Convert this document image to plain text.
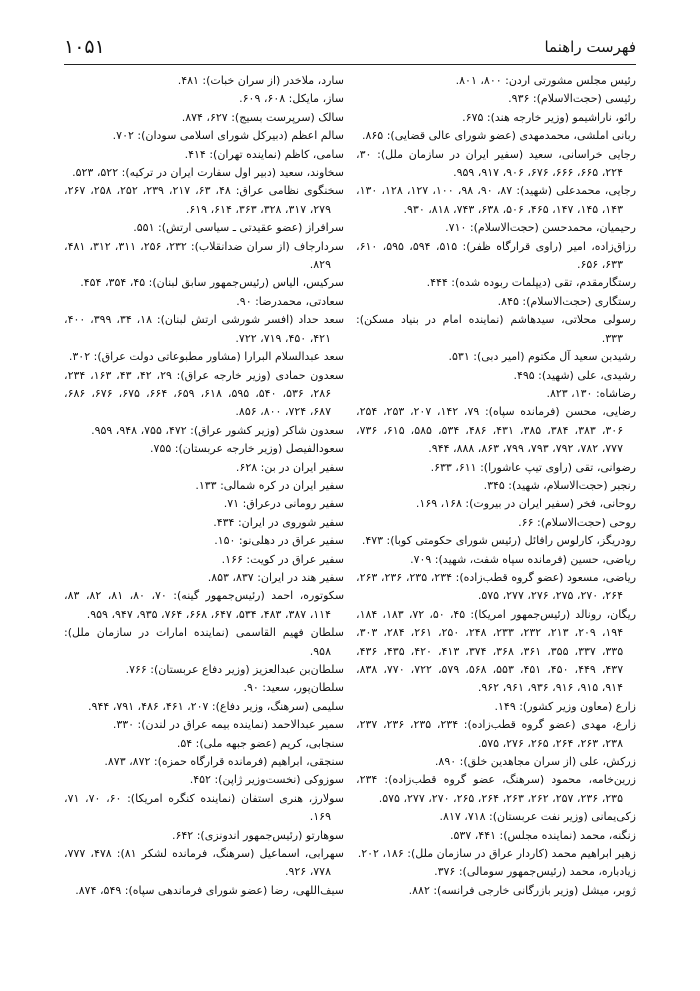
فهرست راهنما
۱۰۵۱

رئیس مجلس مشورتی اردن: ۸۰۰، ۸۰۱.

رئیسی (حجت‌الاسلام): ۹۳۶.

رائو، ناراشیمو (وزیر خارجه هند): ۶۷۵.

ربانی املشی، محمدمهدی (عضو شورای عالی قضایی): ۸۶۵.

رجایی خراسانی، سعید (سفیر ایران در سازمان ملل): ۳۰، ۲۲۴، ۶۶۵، ۶۶۶، ۶۷۶، ۹۰۶، ۹۱۷، ۹۵۹.

رجایی، محمدعلی (شهید): ۸۷، ۹۰، ۹۸، ۱۰۰، ۱۲۷، ۱۲۸، ۱۳۰، ۱۴۳، ۱۴۵، ۱۴۷، ۴۶۵، ۵۰۶، ۶۳۸، ۷۴۳، ۸۱۸، ۹۳۰.

رحیمیان، محمدحسن (حجت‌الاسلام): ۷۱۰.

رزاق‌زاده، امیر (راوی قرارگاه ظفر): ۵۱۵، ۵۹۴، ۵۹۵، ۶۱۰، ۶۳۳، ۶۵۶.

رستگارمقدم، تقی (دیپلمات ربوده شده): ۴۴۴.

رستگاری (حجت‌الاسلام): ۸۴۵.

رسولی محلاتی، سیدهاشم (نماینده امام در بنیاد مسکن): ۳۳۳.

رشیدبن سعید آل مکتوم (امیر دبی): ۵۳۱.

رشیدی، علی (شهید): ۴۹۵.

رضاشاه: ۱۳۰، ۸۲۳.

رضایی، محسن (فرمانده سپاه): ۷۹، ۱۴۲، ۲۰۷، ۲۵۳، ۲۵۴، ۳۰۶، ۳۸۳، ۳۸۴، ۳۸۵، ۴۳۱، ۴۸۶، ۵۳۴، ۵۸۵، ۶۱۵، ۷۳۶، ۷۷۷، ۷۸۲، ۷۹۲، ۷۹۳، ۷۹۹، ۸۶۳، ۸۸۸، ۹۴۴.

رضوانی، تقی (راوی تیپ عاشورا): ۶۱۱، ۶۳۳.

رنجبر (حجت‌الاسلام، شهید): ۳۴۵.

روحانی، فخر (سفیر ایران در بیروت): ۱۶۸، ۱۶۹.

روحی (حجت‌الاسلام): ۶۶.

رودریگز، کارلوس رافائل (رئیس شورای حکومتی کوبا): ۴۷۳.

ریاضی، حسین (فرمانده سپاه شفت، شهید): ۷۰۹.

ریاضی، مسعود (عضو گروه قطب‌زاده): ۲۳۴، ۲۳۵، ۲۳۶، ۲۶۳، ۲۶۴، ۲۷۰، ۲۷۵، ۲۷۶، ۲۷۷، ۵۷۵.

ریگان، رونالد (رئیس‌جمهور امریکا): ۴۵، ۵۰، ۷۲، ۱۸۳، ۱۸۴، ۱۹۴، ۲۰۹، ۲۱۳، ۲۳۲، ۲۳۳، ۲۴۸، ۲۵۰، ۲۶۱، ۲۸۴، ۳۰۳، ۳۳۵، ۳۳۷، ۳۵۵، ۳۶۱، ۳۶۸، ۳۷۴، ۴۱۳، ۴۲۰، ۴۳۵، ۴۳۶، ۴۳۷، ۴۴۹، ۴۵۰، ۴۵۱، ۵۵۳، ۵۶۸، ۵۷۹، ۷۲۲، ۷۷۰، ۸۳۸، ۹۱۴، ۹۱۵، ۹۱۶، ۹۳۶، ۹۶۱، ۹۶۲.

زارع (معاون وزیر کشور): ۱۴۹.

زارع، مهدی (عضو گروه قطب‌زاده): ۲۳۴، ۲۳۵، ۲۳۶، ۲۳۷، ۲۳۸، ۲۶۳، ۲۶۴، ۲۶۵، ۲۷۶، ۵۷۵.

زرکش، علی (از سران مجاهدین خلق): ۸۹۰.

زرین‌خامه، محمود (سرهنگ، عضو گروه قطب‌زاده): ۲۳۴، ۲۳۵، ۲۳۶، ۲۵۷، ۲۶۲، ۲۶۳، ۲۶۴، ۲۶۵، ۲۷۰، ۲۷۷، ۵۷۵.

زکی‌یمانی (وزیر نفت عربستان): ۷۱۸، ۸۱۷.

زنگنه، محمد (نماینده مجلس): ۴۴۱، ۵۳۷.

زهیر ابراهیم محمد (کاردار عراق در سازمان ملل): ۱۸۶، ۲۰۲.

زیادباره، محمد (رئیس‌جمهور سومالی): ۳۷۶.

ژوبر، میشل (وزیر بازرگانی خارجی فرانسه): ۸۸۲.

سارد، ملاخدر (از سران خبات): ۴۸۱.

ساز، مایکل: ۶۰۸، ۶۰۹.

سالک (سرپرست بسیج): ۶۲۷، ۸۷۴.

سالم اعظم (دبیرکل شورای اسلامی سودان): ۷۰۲.

سامی، کاظم (نماینده تهران): ۴۱۴.

سخاوند، سعید (دبیر اول سفارت ایران در ترکیه): ۵۲۲، ۵۲۳.

سخنگوی نظامی عراق: ۴۸، ۶۳، ۲۱۷، ۲۳۹، ۲۵۲، ۲۵۸، ۲۶۷، ۲۷۹، ۳۱۷، ۳۲۸، ۳۶۳، ۶۱۴، ۶۱۹.

سرافراز (عضو عقیدتی ـ سیاسی ارتش): ۵۵۱.

سردارجاف (از سران ضدانقلاب): ۲۳۲، ۲۵۶، ۳۱۱، ۳۱۲، ۴۸۱، ۸۲۹.

سرکیس، الیاس (رئیس‌جمهور سابق لبنان): ۴۵، ۳۵۴، ۴۵۴.

سعادتی، محمدرضا: ۹۰.

سعد حداد (افسر شورشی ارتش لبنان): ۱۸، ۳۴، ۳۹۹، ۴۰۰، ۴۲۱، ۴۵۰، ۷۱۹، ۷۲۲.

سعد عبدالسلام البرارا (مشاور مطبوعاتی دولت عراق): ۳۰۲.

سعدون حمادی (وزیر خارجه عراق): ۲۹، ۴۲، ۴۳، ۱۶۳، ۲۳۴، ۲۸۶، ۵۳۶، ۵۴۰، ۵۹۵، ۶۱۸، ۶۵۹، ۶۶۴، ۶۷۵، ۶۷۶، ۶۸۶، ۶۸۷، ۷۲۴، ۸۰۰، ۸۵۶.

سعدون شاکر (وزیر کشور عراق): ۴۷۲، ۷۵۵، ۹۴۸، ۹۵۹.

سعودالفیصل (وزیر خارجه عربستان): ۷۵۵.

سفیر ایران در بن: ۶۲۸.

سفیر ایران در کره شمالی: ۱۳۳.

سفیر رومانی درعراق: ۷۱.

سفیر شوروی در ایران: ۴۳۴.

سفیر عراق در دهلی‌نو: ۱۵۰.

سفیر عراق در کویت: ۱۶۶.

سفیر هند در ایران: ۸۳۷، ۸۵۳.

سکوتوره، احمد (رئیس‌جمهور گینه): ۷۰، ۸۰، ۸۱، ۸۲، ۸۳، ۱۱۴، ۳۸۷، ۴۸۳، ۵۳۴، ۶۴۷، ۶۶۸، ۷۶۴، ۹۳۵، ۹۴۷، ۹۵۹.

سلطان فهیم القاسمی (نماینده امارات در سازمان ملل): ۹۵۸.

سلطان‌بن عبدالعزیز (وزیر دفاع عربستان): ۷۶۶.

سلطان‌پور، سعید: ۹۰.

سلیمی (سرهنگ، وزیر دفاع): ۲۰۷، ۴۶۱، ۴۸۶، ۷۹۱، ۹۴۴.

سمیر عبدالاحمد (نماینده بیمه عراق در لندن): ۳۳۰.

سنجابی، کریم (عضو جبهه ملی): ۵۴.

سنجقی، ابراهیم (فرمانده قرارگاه حمزه): ۸۷۲، ۸۷۳.

سوزوکی (نخست‌وزیر ژاپن): ۴۵۲.

سولارز، هنری استفان (نماینده کنگره امریکا): ۶۰، ۷۰، ۷۱، ۱۶۹.

سوهارتو (رئیس‌جمهور اندونزی): ۶۴۲.

سهرابی، اسماعیل (سرهنگ، فرمانده لشکر ۸۱): ۴۷۸، ۷۷۷، ۷۷۸، ۹۲۶.

سیف‌اللهی، رضا (عضو شورای فرماندهی سپاه): ۵۴۹، ۸۷۴.
